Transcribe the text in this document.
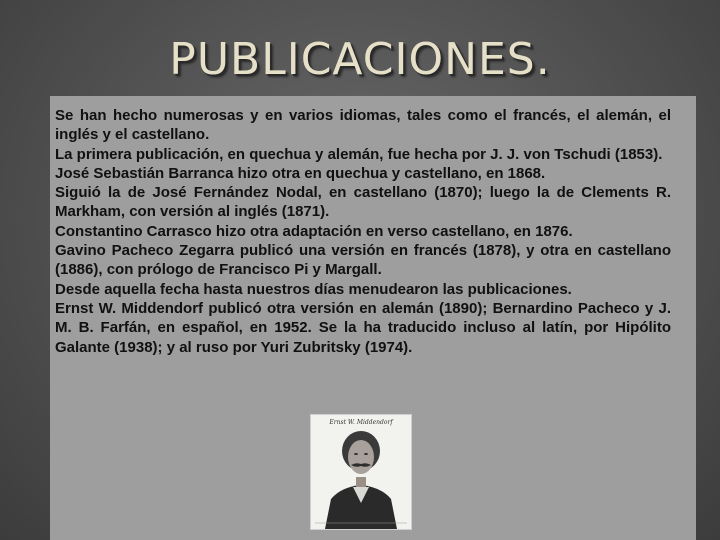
PUBLICACIONES.

Se han hecho numerosas y en varios idiomas, tales como el francés, el alemán, el inglés y el castellano.

La primera publicación, en quechua y alemán, fue hecha por J. J. von Tschudi (1853).

José Sebastián Barranca hizo otra en quechua y castellano, en 1868.

Siguió la de José Fernández Nodal, en castellano (1870); luego la de Clements R. Markham, con versión al inglés (1871).

Constantino Carrasco hizo otra adaptación en verso castellano, en 1876.

Gavino Pacheco Zegarra publicó una versión en francés (1878), y otra en castellano (1886), con prólogo de Francisco Pi y Margall.

Desde aquella fecha hasta nuestros días menudearon las publicaciones.

Ernst W. Middendorf publicó otra versión en alemán (1890); Bernardino Pacheco y J. M. B. Farfán, en español, en 1952. Se la ha traducido incluso al latín, por Hipólito Galante (1938); y al ruso por Yuri Zubritsky (1974).

Ernst W. Middendorf
